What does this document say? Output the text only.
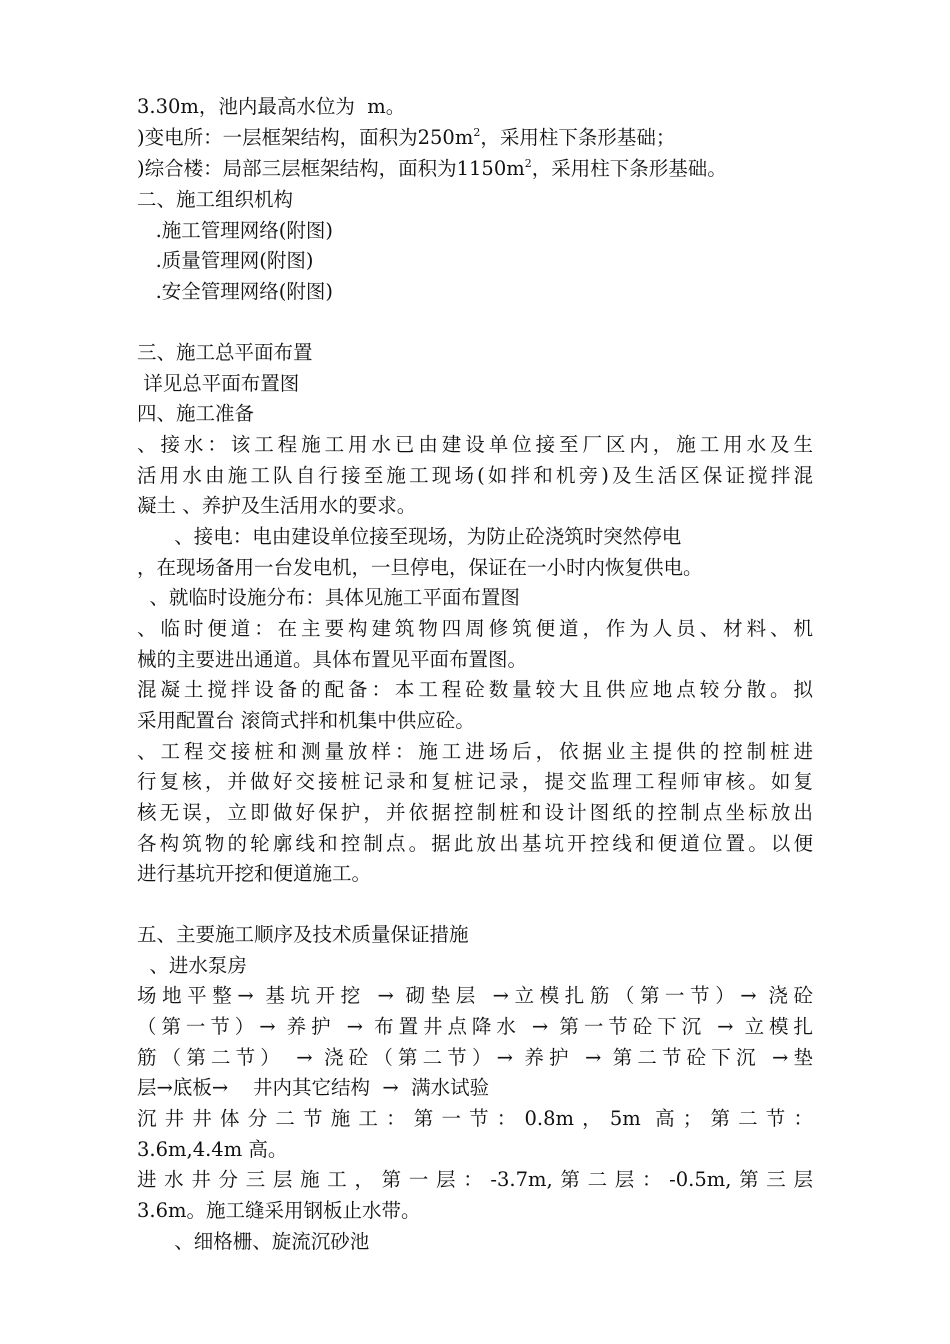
3.30m，池内最高水位为  m。
)变电所：一层框架结构，面积为$250m^2$，采用柱下条形基础；
)综合楼：局部三层框架结构，面积为$1150m^2$，采用柱下条形基础。
二、施工组织机构
.施工管理网络(附图)
.质量管理网(附图)
.安全管理网络(附图)
三、施工总平面布置
详见总平面布置图
四、施工准备
、接水：该工程施工用水已由建设单位接至厂区内，施工用水及生
活用水由施工队自行接至施工现场(如拌和机旁)及生活区保证搅拌混
凝土 、养护及生活用水的要求。
、接电：电由建设单位接至现场，为防止砼浇筑时突然停电
，在现场备用一台发电机，一旦停电，保证在一小时内恢复供电。
、就临时设施分布：具体见施工平面布置图
、临时便道：在主要构建筑物四周修筑便道，作为人员、材料、机
械的主要进出通道。具体布置见平面布置图。
混凝土搅拌设备的配备：本工程砼数量较大且供应地点较分散。拟
采用配置台 滚筒式拌和机集中供应砼。
、工程交接桩和测量放样：施工进场后，依据业主提供的控制桩进
行复核，并做好交接桩记录和复桩记录，提交监理工程师审核。如复
核无误，立即做好保护，并依据控制桩和设计图纸的控制点坐标放出
各构筑物的轮廓线和控制点。据此放出基坑开控线和便道位置。以便
进行基坑开挖和便道施工。
五、主要施工顺序及技术质量保证措施
、进水泵房
场地平整→ 基坑开挖 → 砌垫层 →立模扎筋（第一节）→ 浇砼
（第一节）→ 养护 → 布置井点降水 → 第一节砼下沉 → 立模扎
筋（第二节） → 浇砼（第二节）→ 养护 → 第二节砼下沉 →垫
层→底板→    井内其它结构  →  满水试验
沉井井体分二节施工：第一节：0.8m，5m 高；第二节：
3.6m,4.4m 高。
进水井分三层施工，第一层：-3.7m,第二层：-0.5m,第三层
3.6m。施工缝采用钢板止水带。
、细格栅、旋流沉砂池
